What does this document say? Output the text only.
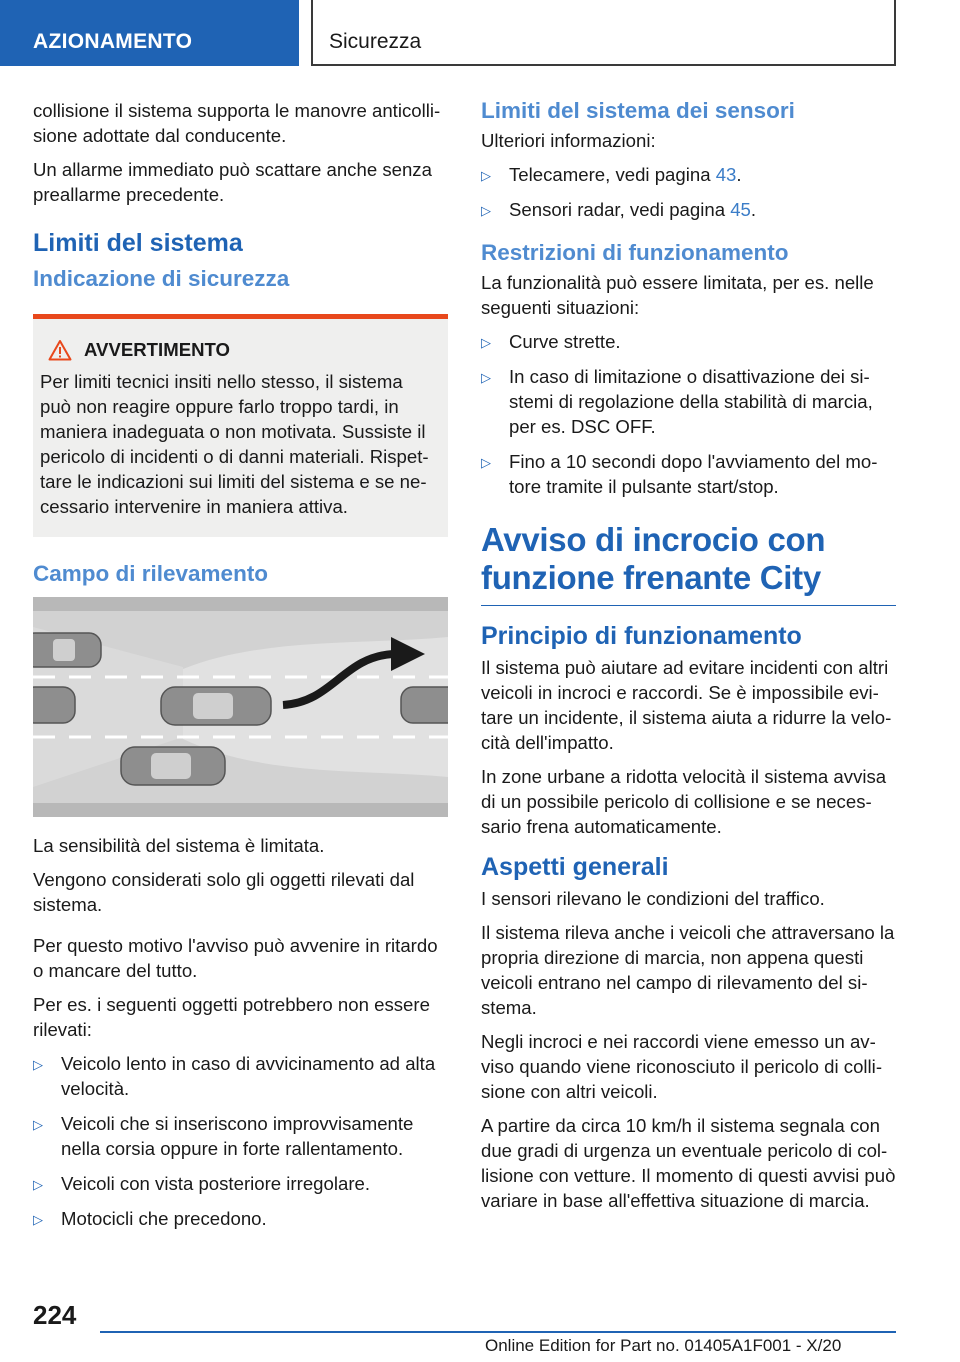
AZIONAMENTO	Sicurezza

collisione il sistema supporta le manovre anticollisione adottate dal conducente.

Un allarme immediato può scattare anche senza preallarme precedente.

Limiti del sistema
Indicazione di sicurezza
AVVERTIMENTO

Per limiti tecnici insiti nello stesso, il sistema può non reagire oppure farlo troppo tardi, in maniera inadeguata o non motivata. Sussiste il pericolo di incidenti o di danni materiali. Rispettare le indicazioni sui limiti del sistema e se necessario intervenire in maniera attiva.

Campo di rilevamento

La sensibilità del sistema è limitata.

Vengono considerati solo gli oggetti rilevati dal sistema.

Per questo motivo l'avviso può avvenire in ritardo o mancare del tutto.

Per es. i seguenti oggetti potrebbero non essere rilevati:

▷ Veicolo lento in caso di avvicinamento ad alta velocità.
▷ Veicoli che si inseriscono improvvisamente nella corsia oppure in forte rallentamento.
▷ Veicoli con vista posteriore irregolare.
▷ Motocicli che precedono.
Limiti del sistema dei sensori

Ulteriori informazioni:

▷ Telecamere, vedi pagina 43.
▷ Sensori radar, vedi pagina 45.
Restrizioni di funzionamento

La funzionalità può essere limitata, per es. nelle seguenti situazioni:

▷ Curve strette.
▷ In caso di limitazione o disattivazione dei sistemi di regolazione della stabilità di marcia, per es. DSC OFF.
▷ Fino a 10 secondi dopo l'avviamento del motore tramite il pulsante start/stop.
Avviso di incrocio con funzione frenante City
Principio di funzionamento

Il sistema può aiutare ad evitare incidenti con altri veicoli in incroci e raccordi. Se è impossibile evitare un incidente, il sistema aiuta a ridurre la velocità dell'impatto.

In zone urbane a ridotta velocità il sistema avvisa di un possibile pericolo di collisione e se necessario frena automaticamente.

Aspetti generali

I sensori rilevano le condizioni del traffico.

Il sistema rileva anche i veicoli che attraversano la propria direzione di marcia, non appena questi veicoli entrano nel campo di rilevamento del sistema.

Negli incroci e nei raccordi viene emesso un avviso quando viene riconosciuto il pericolo di collisione con altri veicoli.

A partire da circa 10 km/h il sistema segnala con due gradi di urgenza un eventuale pericolo di collisione con vetture. Il momento di questi avvisi può variare in base all'effettiva situazione di marcia.

224
Online Edition for Part no. 01405A1F001 - X/20
